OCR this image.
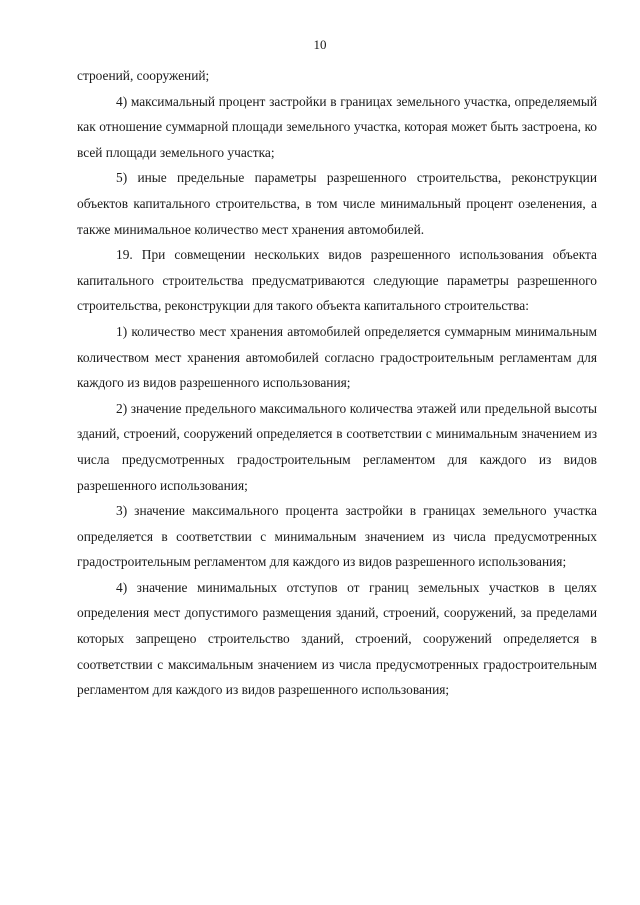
10

строений, сооружений;

4) максимальный процент застройки в границах земельного участка, определяемый как отношение суммарной площади земельного участка, которая может быть застроена, ко всей площади земельного участка;

5) иные предельные параметры разрешенного строительства, реконструкции объектов капитального строительства, в том числе минимальный процент озеленения, а также минимальное количество мест хранения автомобилей.

19. При совмещении нескольких видов разрешенного использования объекта капитального строительства предусматриваются следующие параметры разрешенного строительства, реконструкции для такого объекта капитального строительства:

1) количество мест хранения автомобилей определяется суммарным минимальным количеством мест хранения автомобилей согласно градостроительным регламентам для каждого из видов разрешенного использования;

2) значение предельного максимального количества этажей или предельной высоты зданий, строений, сооружений определяется в соответствии с минимальным значением из числа предусмотренных градостроительным регламентом для каждого из видов разрешенного использования;

3) значение максимального процента застройки в границах земельного участка определяется в соответствии с минимальным значением из числа предусмотренных градостроительным регламентом для каждого из видов разрешенного использования;

4) значение минимальных отступов от границ земельных участков в целях определения мест допустимого размещения зданий, строений, сооружений, за пределами которых запрещено строительство зданий, строений, сооружений определяется в соответствии с максимальным значением из числа предусмотренных градостроительным регламентом для каждого из видов разрешенного использования;
